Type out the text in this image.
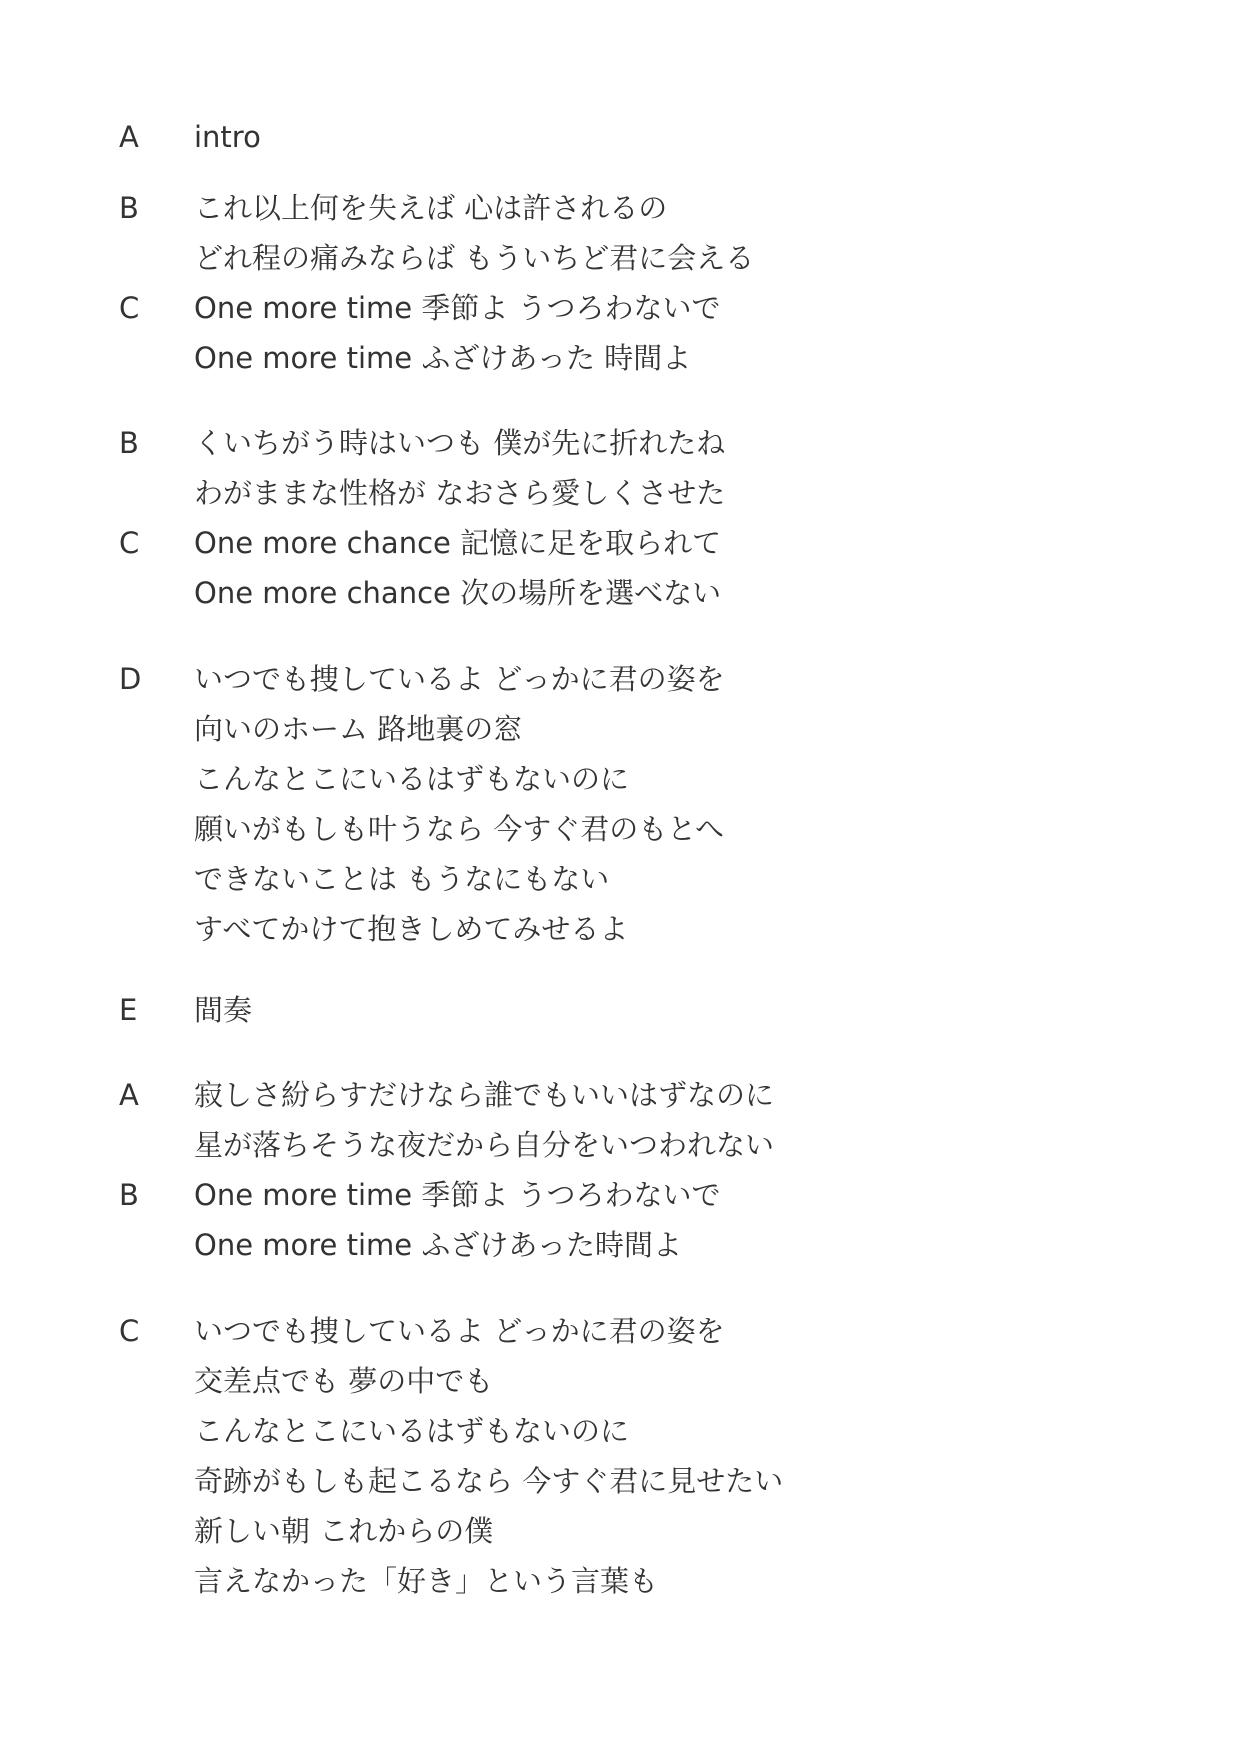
A intro
B これ以上何を失えば 心は許されるの
どれ程の痛みならば もういちど君に会える
C One more time 季節よ うつろわないで
One more time ふざけあった 時間よ
B くいちがう時はいつも 僕が先に折れたね
わがままな性格が なおさら愛しくさせた
C One more chance 記憶に足を取られて
One more chance 次の場所を選べない
D いつでも捜しているよ どっかに君の姿を
向いのホーム 路地裏の窓
こんなとこにいるはずもないのに
願いがもしも叶うなら 今すぐ君のもとへ
できないことは もうなにもない
すべてかけて抱きしめてみせるよ
E 間奏
A 寂しさ紛らすだけなら誰でもいいはずなのに
星が落ちそうな夜だから自分をいつわれない
B One more time 季節よ うつろわないで
One more time ふざけあった時間よ
C いつでも捜しているよ どっかに君の姿を
交差点でも 夢の中でも
こんなとこにいるはずもないのに
奇跡がもしも起こるなら 今すぐ君に見せたい
新しい朝 これからの僕
言えなかった「好き」という言葉も
